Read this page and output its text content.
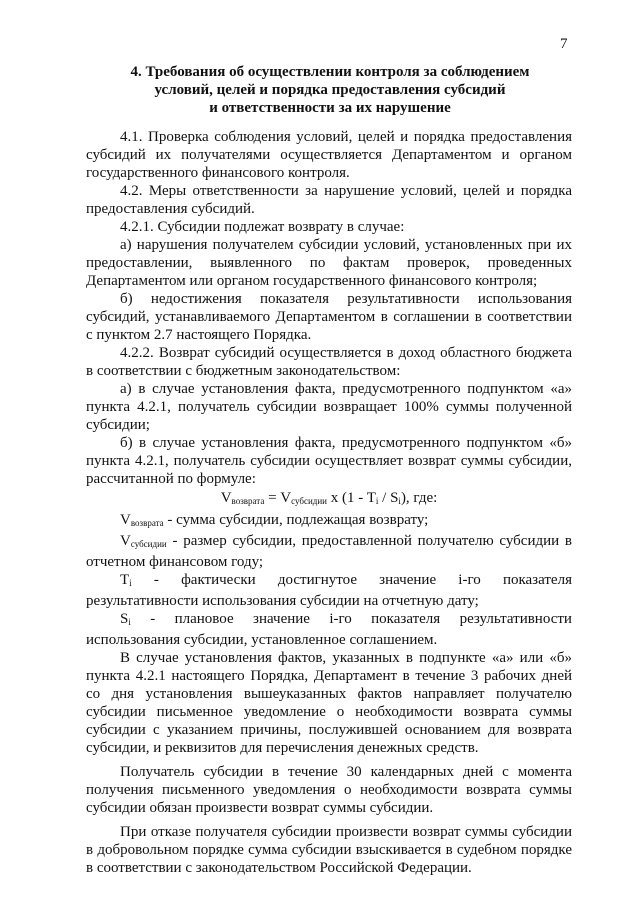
7
4. Требования об осуществлении контроля за соблюдением
условий, целей и порядка предоставления субсидий
и ответственности за их нарушение

4.1. Проверка соблюдения условий, целей и порядка предоставления субсидий их получателями осуществляется Департаментом и органом государственного финансового контроля.

4.2. Меры ответственности за нарушение условий, целей и порядка предоставления субсидий.

4.2.1. Субсидии подлежат возврату в случае:

а) нарушения получателем субсидии условий, установленных при их предоставлении, выявленного по фактам проверок, проведенных Департаментом или органом государственного финансового контроля;

б) недостижения показателя результативности использования субсидий, устанавливаемого Департаментом в соглашении в соответствии с пунктом 2.7 настоящего Порядка.

4.2.2. Возврат субсидий осуществляется в доход областного бюджета в соответствии с бюджетным законодательством:

а) в случае установления факта, предусмотренного подпунктом «а» пункта 4.2.1, получатель субсидии возвращает 100% суммы полученной субсидии;

б) в случае установления факта, предусмотренного подпунктом «б» пункта 4.2.1, получатель субсидии осуществляет возврат суммы субсидии, рассчитанной по формуле:

$V_{возврата} = V_{субсидии}$ x $(1 - T_i / S_i)$, где:

$V_{возврата}$ - сумма субсидии, подлежащая возврату;

$V_{субсидии}$ - размер субсидии, предоставленной получателю субсидии в отчетном финансовом году;

$T_i$ - фактически достигнутое значение i-го показателя
результативности использования субсидии на отчетную дату;
$S_i$ - плановое значение i-го показателя результативности
использования субсидии, установленное соглашением.

В случае установления фактов, указанных в подпункте «а» или «б» пункта 4.2.1 настоящего Порядка, Департамент в течение 3 рабочих дней со дня установления вышеуказанных фактов направляет получателю субсидии письменное уведомление о необходимости возврата суммы субсидии с указанием причины, послужившей основанием для возврата субсидии, и реквизитов для перечисления денежных средств.

Получатель субсидии в течение 30 календарных дней с момента получения письменного уведомления о необходимости возврата суммы субсидии обязан произвести возврат суммы субсидии.

При отказе получателя субсидии произвести возврат суммы субсидии в добровольном порядке сумма субсидии взыскивается в судебном порядке в соответствии с законодательством Российской Федерации.
